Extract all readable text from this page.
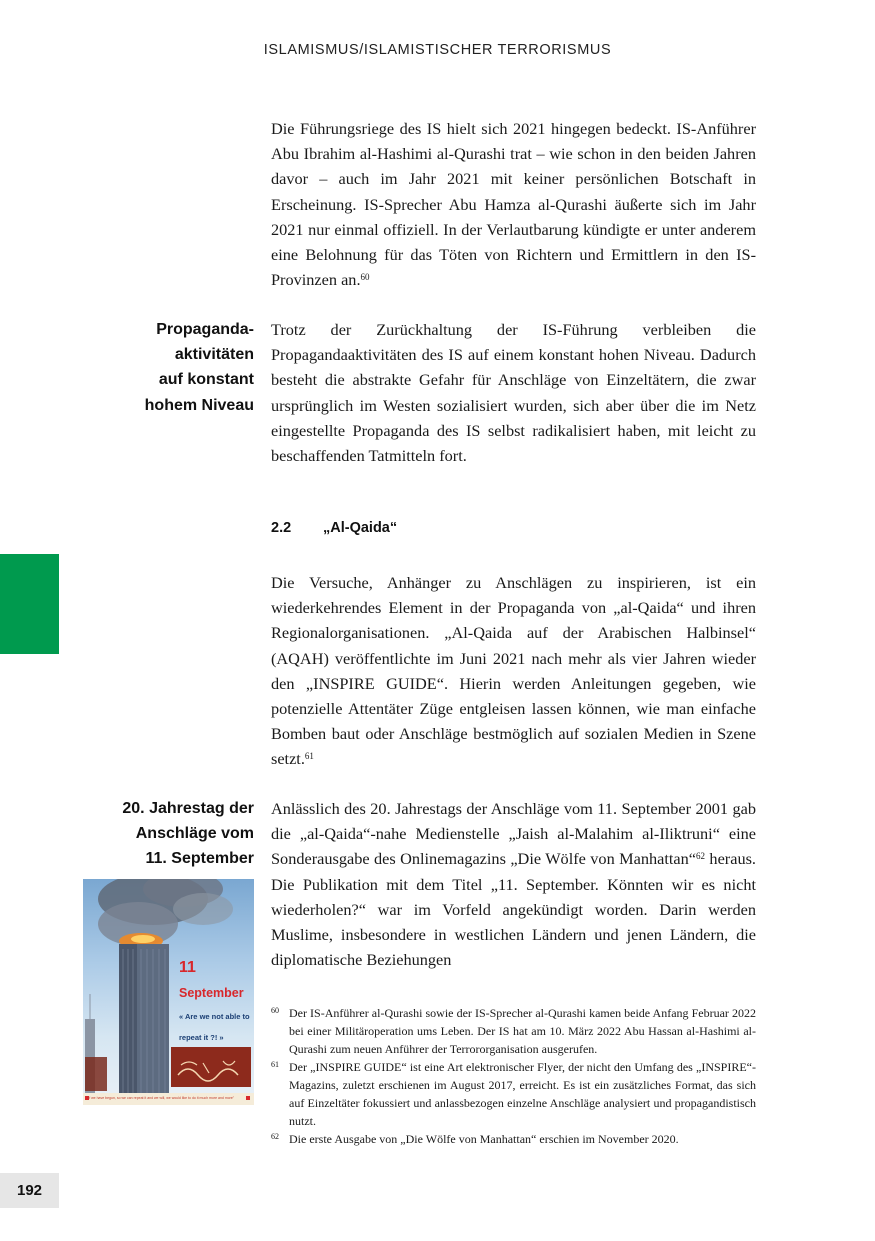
ISLAMISMUS/ISLAMISTISCHER TERRORISMUS

Die Führungsriege des IS hielt sich 2021 hingegen bedeckt. IS-Anführer Abu Ibrahim al-Hashimi al-Qurashi trat – wie schon in den beiden Jahren davor – auch im Jahr 2021 mit keiner persönlichen Botschaft in Erscheinung. IS-Sprecher Abu Hamza al-Qurashi äußerte sich im Jahr 2021 nur einmal offiziell. In der Verlautbarung kündigte er unter anderem eine Belohnung für das Töten von Richtern und Ermittlern in den IS-Provinzen an.$^{60}$

Propaganda-
aktivitäten
auf konstant
hohem Niveau

Trotz der Zurückhaltung der IS-Führung verbleiben die Propagandaaktivitäten des IS auf einem konstant hohen Niveau. Dadurch besteht die abstrakte Gefahr für Anschläge von Einzeltätern, die zwar ursprünglich im Westen sozialisiert wurden, sich aber über die im Netz eingestellte Propaganda des IS selbst radikalisiert haben, mit leicht zu beschaffenden Tatmitteln fort.

2.2 „Al-Qaida“

Die Versuche, Anhänger zu Anschlägen zu inspirieren, ist ein wiederkehrendes Element in der Propaganda von „al-Qaida“ und ihren Regionalorganisationen. „Al-Qaida auf der Arabischen Halbinsel“ (AQAH) veröffentlichte im Juni 2021 nach mehr als vier Jahren wieder den „INSPIRE GUIDE“. Hierin werden Anleitungen gegeben, wie potenzielle Attentäter Züge entgleisen lassen können, wie man einfache Bomben baut oder Anschläge bestmöglich auf sozialen Medien in Szene setzt.$^{61}$

20. Jahrestag der
Anschläge vom
11. September

Anlässlich des 20. Jahrestags der Anschläge vom 11. September 2001 gab die „al-Qaida“-nahe Medienstelle „Jaish al-Malahim al-Iliktruni“ eine Sonderausgabe des Onlinemagazins „Die Wölfe von Manhattan“$^{62}$ heraus. Die Publikation mit dem Titel „11. September. Könnten wir es nicht wiederholen?“ war im Vorfeld angekündigt worden. Darin werden Muslime, insbesondere in westlichen Ländern und jenen Ländern, die diplomatische Beziehungen

11
September
« Are we not able to
repeat it ?! »
"If we have begun, so we can repeat it and we will, we would like to do it much more and more"
60 Der IS-Anführer al-Qurashi sowie der IS-Sprecher al-Qurashi kamen beide Anfang Februar 2022 bei einer Militäroperation ums Leben. Der IS hat am 10. März 2022 Abu Hassan al-Hashimi al-Qurashi zum neuen Anführer der Terrororganisation ausgerufen.
61 Der „INSPIRE GUIDE“ ist eine Art elektronischer Flyer, der nicht den Umfang des „INSPIRE“-Magazins, zuletzt erschienen im August 2017, erreicht. Es ist ein zusätzliches Format, das sich auf Einzeltäter fokussiert und anlassbezogen einzelne Anschläge analysiert und propagandistisch nutzt.
62 Die erste Ausgabe von „Die Wölfe von Manhattan“ erschien im November 2020.
192
